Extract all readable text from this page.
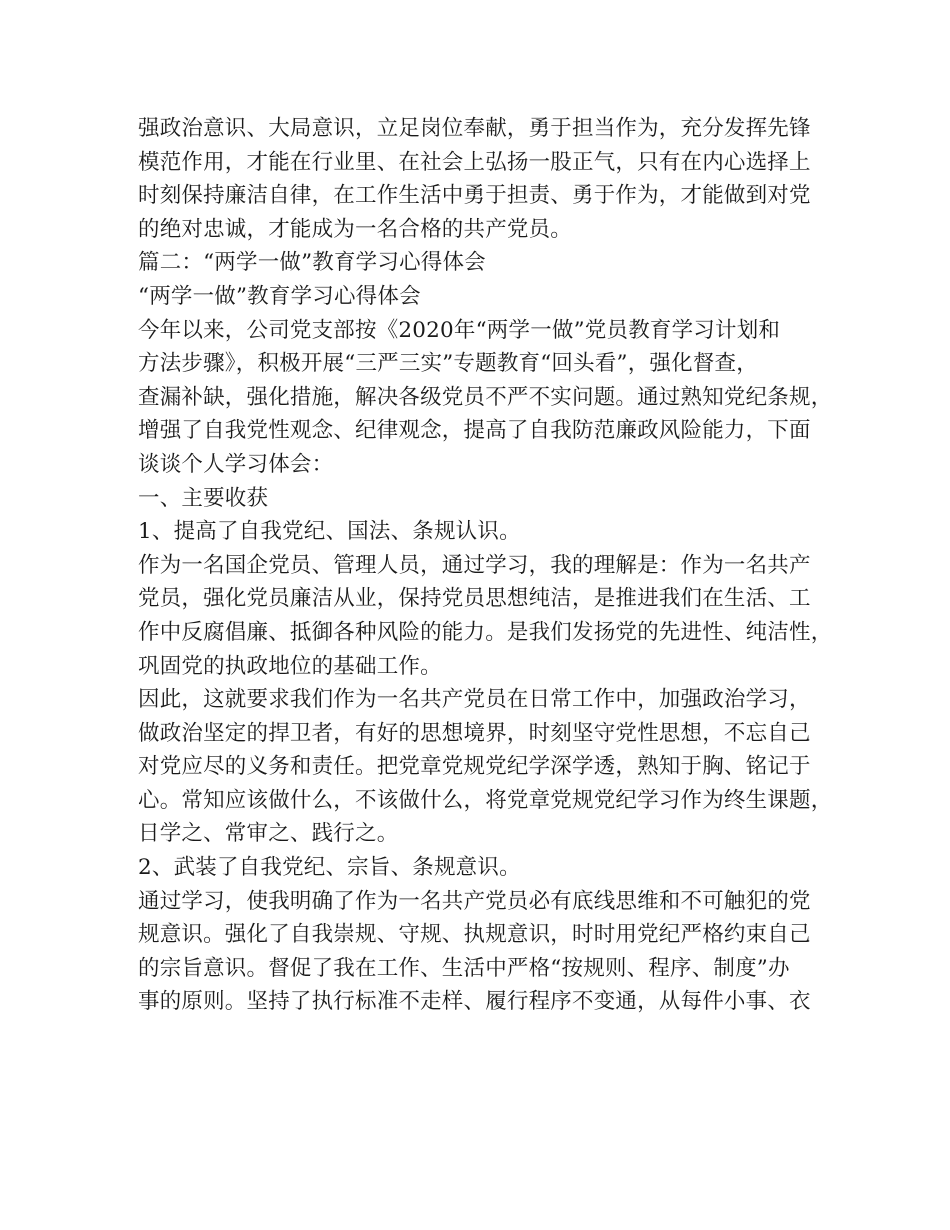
强政治意识、大局意识，立足岗位奉献，勇于担当作为，充分发挥先锋
模范作用，才能在行业里、在社会上弘扬一股正气，只有在内心选择上
时刻保持廉洁自律，在工作生活中勇于担责、勇于作为，才能做到对党
的绝对忠诚，才能成为一名合格的共产党员。
篇二：“两学一做”教育学习心得体会
“两学一做”教育学习心得体会
今年以来，公司党支部按《2020年“两学一做”党员教育学习计划和
方法步骤》，积极开展“三严三实”专题教育“回头看”，强化督查，
查漏补缺，强化措施，解决各级党员不严不实问题。通过熟知党纪条规，
增强了自我党性观念、纪律观念，提高了自我防范廉政风险能力，下面
谈谈个人学习体会：
一、主要收获
1、提高了自我党纪、国法、条规认识。
作为一名国企党员、管理人员，通过学习，我的理解是：作为一名共产
党员，强化党员廉洁从业，保持党员思想纯洁，是推进我们在生活、工
作中反腐倡廉、抵御各种风险的能力。是我们发扬党的先进性、纯洁性，
巩固党的执政地位的基础工作。
因此，这就要求我们作为一名共产党员在日常工作中，加强政治学习，
做政治坚定的捍卫者，有好的思想境界，时刻坚守党性思想，不忘自己
对党应尽的义务和责任。把党章党规党纪学深学透，熟知于胸、铭记于
心。常知应该做什么，不该做什么，将党章党规党纪学习作为终生课题，
日学之、常审之、践行之。
2、武装了自我党纪、宗旨、条规意识。
通过学习，使我明确了作为一名共产党员必有底线思维和不可触犯的党
规意识。强化了自我崇规、守规、执规意识，时时用党纪严格约束自己
的宗旨意识。督促了我在工作、生活中严格“按规则、程序、制度”办
事的原则。坚持了执行标准不走样、履行程序不变通，从每件小事、衣
